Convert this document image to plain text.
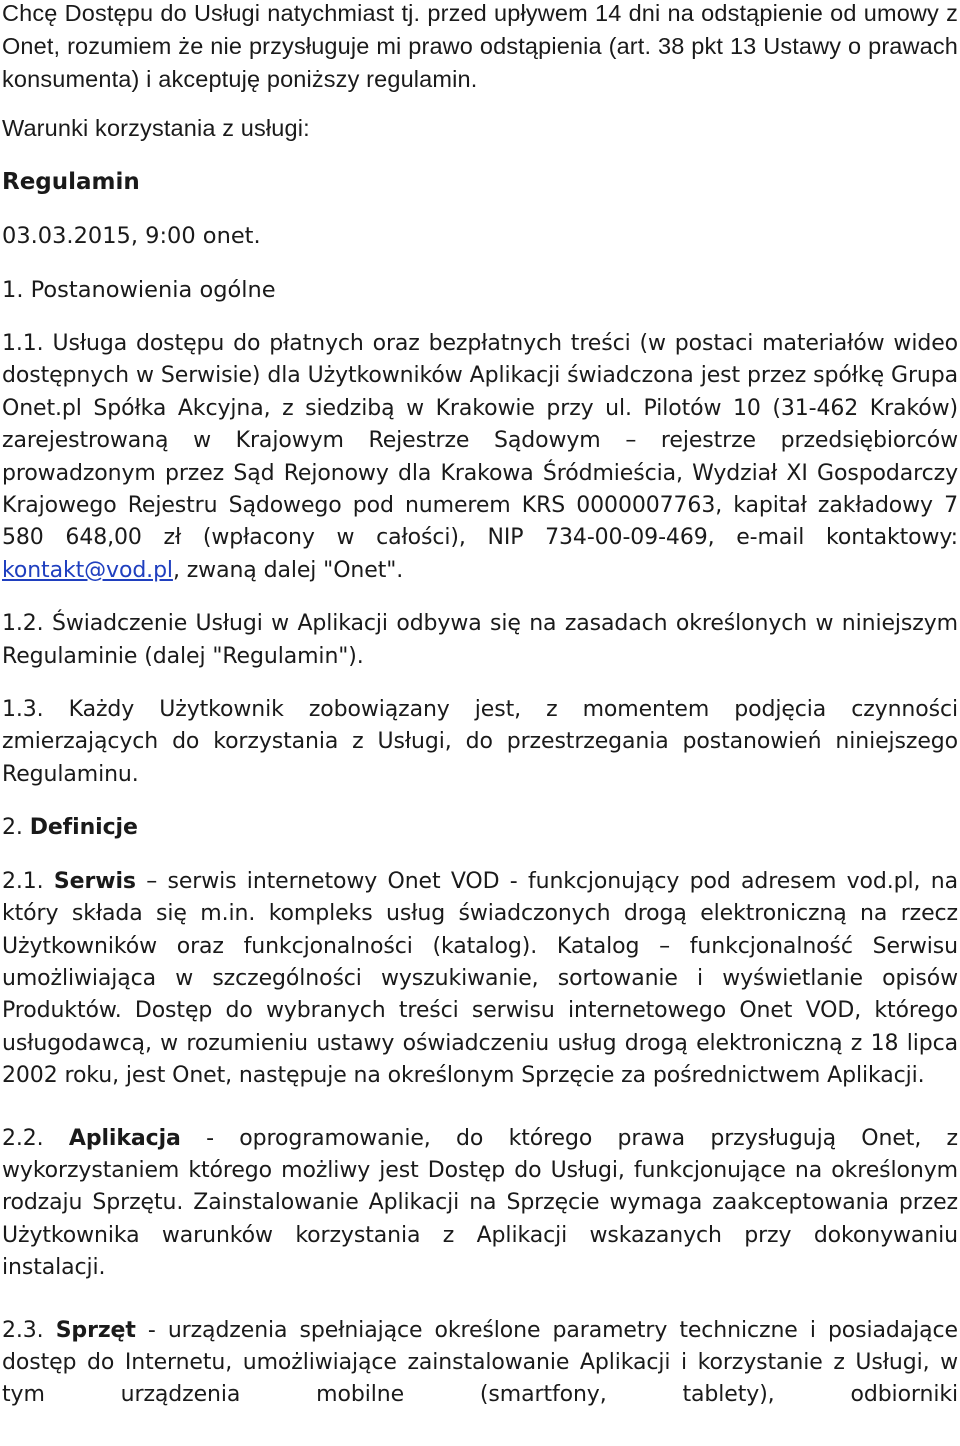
Chcę Dostępu do Usługi natychmiast tj. przed upływem 14 dni na odstąpienie od umowy z Onet, rozumiem że nie przysługuje mi prawo odstąpienia (art. 38 pkt 13 Ustawy o prawach konsumenta) i akceptuję poniższy regulamin.

Warunki korzystania z usługi:

Regulamin

03.03.2015, 9:00 onet.

1. Postanowienia ogólne

1.1. Usługa dostępu do płatnych oraz bezpłatnych treści (w postaci materiałów wideo dostępnych w Serwisie) dla Użytkowników Aplikacji świadczona jest przez spółkę Grupa Onet.pl Spółka Akcyjna, z siedzibą w Krakowie przy ul. Pilotów 10 (31-462 Kraków) zarejestrowaną w Krajowym Rejestrze Sądowym – rejestrze przedsiębiorców prowadzonym przez Sąd Rejonowy dla Krakowa Śródmieścia, Wydział XI Gospodarczy Krajowego Rejestru Sądowego pod numerem KRS 0000007763, kapitał zakładowy 7 580 648,00 zł (wpłacony w całości), NIP 734-00-09-469, e-mail kontaktowy: kontakt@vod.pl, zwaną dalej "Onet".

1.2. Świadczenie Usługi w Aplikacji odbywa się na zasadach określonych w niniejszym Regulaminie (dalej "Regulamin").

1.3. Każdy Użytkownik zobowiązany jest, z momentem podjęcia czynności zmierzających do korzystania z Usługi, do przestrzegania postanowień niniejszego Regulaminu.

2. Definicje

2.1. Serwis – serwis internetowy Onet VOD - funkcjonujący pod adresem vod.pl, na który składa się m.in. kompleks usług świadczonych drogą elektroniczną na rzecz Użytkowników oraz funkcjonalności (katalog). Katalog – funkcjonalność Serwisu umożliwiająca w szczególności wyszukiwanie, sortowanie i wyświetlanie opisów Produktów. Dostęp do wybranych treści serwisu internetowego Onet VOD, którego usługodawcą, w rozumieniu ustawy oświadczeniu usług drogą elektroniczną z 18 lipca 2002 roku, jest Onet, następuje na określonym Sprzęcie za pośrednictwem Aplikacji.

2.2. Aplikacja - oprogramowanie, do którego prawa przysługują Onet, z wykorzystaniem którego możliwy jest Dostęp do Usługi, funkcjonujące na określonym rodzaju Sprzętu. Zainstalowanie Aplikacji na Sprzęcie wymaga zaakceptowania przez Użytkownika warunków korzystania z Aplikacji wskazanych przy dokonywaniu instalacji.

2.3. Sprzęt - urządzenia spełniające określone parametry techniczne i posiadające dostęp do Internetu, umożliwiające zainstalowanie Aplikacji i korzystanie z Usługi, w tym urządzenia mobilne (smartfony, tablety), odbiorniki
